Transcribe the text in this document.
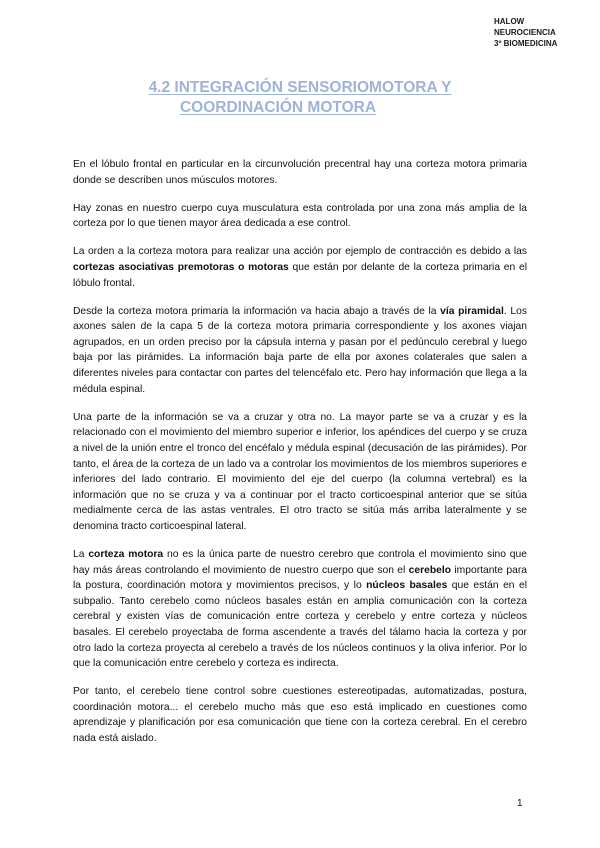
HALOW
NEUROCIENCIA
3º BIOMEDICINA
4.2 INTEGRACIÓN SENSORIOMOTORA Y
COORDINACIÓN MOTORA

En el lóbulo frontal en particular en la circunvolución precentral hay una corteza motora primaria donde se describen unos músculos motores.

Hay zonas en nuestro cuerpo cuya musculatura esta controlada por una zona más amplia de la corteza por lo que tienen mayor área dedicada a ese control.

La orden a la corteza motora para realizar una acción por ejemplo de contracción es debido a las cortezas asociativas premotoras o motoras que están por delante de la corteza primaria en el lóbulo frontal.

Desde la corteza motora primaria la información va hacia abajo a través de la vía piramidal. Los axones salen de la capa 5 de la corteza motora primaria correspondiente y los axones viajan agrupados, en un orden preciso por la cápsula interna y pasan por el pedúnculo cerebral y luego baja por las pirámides. La información baja parte de ella por axones colaterales que salen a diferentes niveles para contactar con partes del telencéfalo etc. Pero hay información que llega a la médula espinal.

Una parte de la información se va a cruzar y otra no. La mayor parte se va a cruzar y es la relacionado con el movimiento del miembro superior e inferior, los apéndices del cuerpo y se cruza a nivel de la unión entre el tronco del encéfalo y médula espinal (decusación de las pirámides). Por tanto, el área de la corteza de un lado va a controlar los movimientos de los miembros superiores e inferiores del lado contrario. El movimiento del eje del cuerpo (la columna vertebral) es la información que no se cruza y va a continuar por el tracto corticoespinal anterior que se sitúa medialmente cerca de las astas ventrales. El otro tracto se sitúa más arriba lateralmente y se denomina tracto corticoespinal lateral.

La corteza motora no es la única parte de nuestro cerebro que controla el movimiento sino que hay más áreas controlando el movimiento de nuestro cuerpo que son el cerebelo importante para la postura, coordinación motora y movimientos precisos, y lo núcleos basales que están en el subpalio. Tanto cerebelo como núcleos basales están en amplia comunicación con la corteza cerebral y existen vías de comunicación entre corteza y cerebelo y entre corteza y núcleos basales. El cerebelo proyectaba de forma ascendente a través del tálamo hacia la corteza y por otro lado la corteza proyecta al cerebelo a través de los núcleos continuos y la oliva inferior. Por lo que la comunicación entre cerebelo y corteza es indirecta.

Por tanto, el cerebelo tiene control sobre cuestiones estereotipadas, automatizadas, postura, coordinación motora... el cerebelo mucho más que eso está implicado en cuestiones como aprendizaje y planificación por esa comunicación que tiene con la corteza cerebral. En el cerebro nada está aislado.

1
